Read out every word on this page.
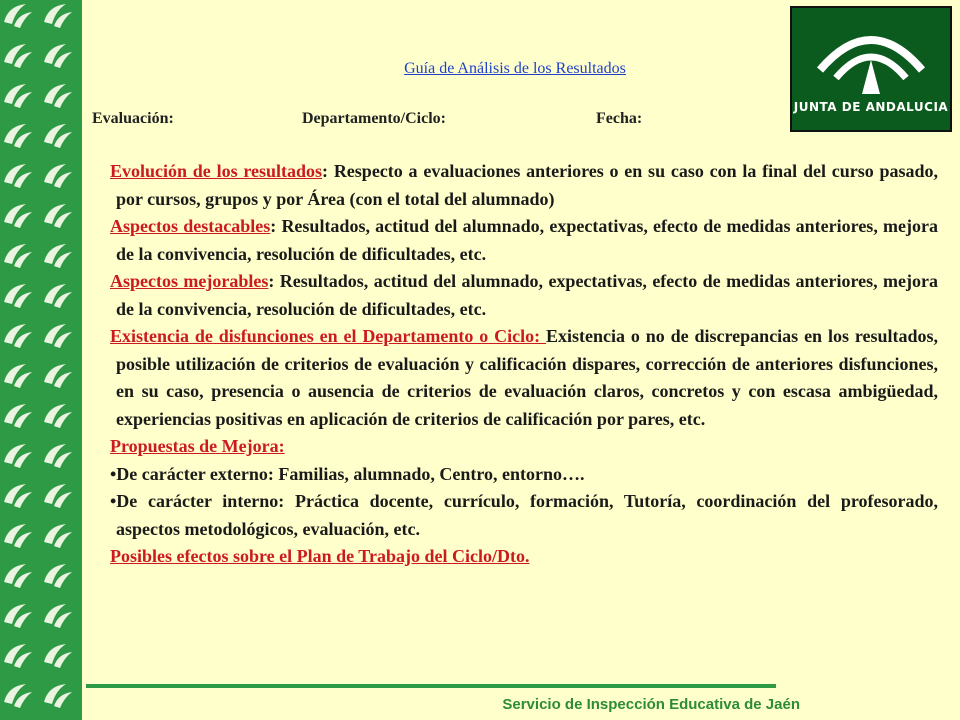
Guía de Análisis de los Resultados
Evaluación:	Departamento/Ciclo:	Fecha:
JUNTA DE ANDALUCIA

Evolución de los resultados: Respecto a evaluaciones anteriores o en su caso con la final del curso pasado, por cursos, grupos y por Área (con el total del alumnado)

Aspectos destacables: Resultados, actitud del alumnado, expectativas, efecto de medidas anteriores, mejora de la convivencia, resolución de dificultades, etc.

Aspectos mejorables: Resultados, actitud del alumnado, expectativas, efecto de medidas anteriores, mejora de la convivencia, resolución de dificultades, etc.

Existencia de disfunciones en el Departamento o Ciclo: Existencia o no de discrepancias en los resultados, posible utilización de criterios de evaluación y calificación dispares, corrección de anteriores disfunciones, en su caso, presencia o ausencia de criterios de evaluación claros, concretos y con escasa ambigüedad, experiencias positivas en aplicación de criterios de calificación por pares, etc.

Propuestas de Mejora:

•De carácter externo: Familias, alumnado, Centro, entorno….

•De carácter interno: Práctica docente, currículo, formación, Tutoría, coordinación del profesorado, aspectos metodológicos, evaluación, etc.

Posibles efectos sobre el Plan de Trabajo del Ciclo/Dto.

Servicio de Inspección Educativa de Jaén
